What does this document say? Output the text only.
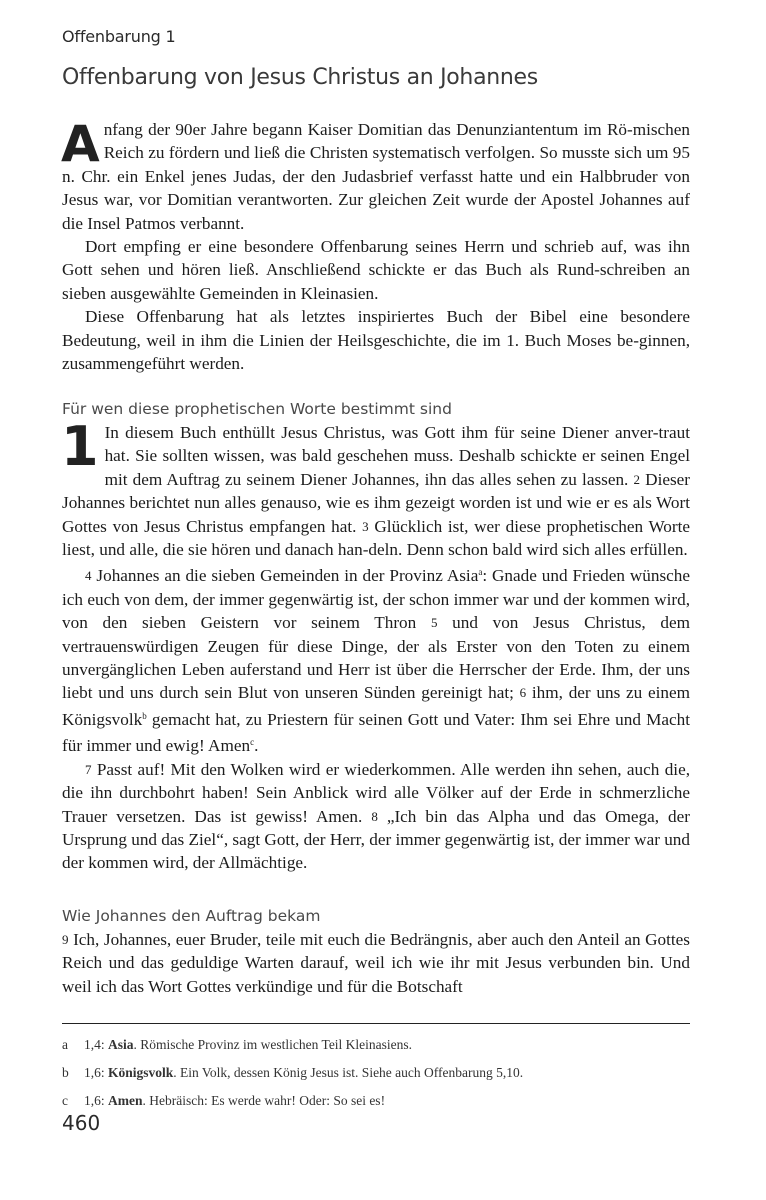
Offenbarung 1
Offenbarung von Jesus Christus an Johannes

Anfang der 90er Jahre begann Kaiser Domitian das Denunziantentum im Rö-mischen Reich zu fördern und ließ die Christen systematisch verfolgen. So musste sich um 95 n. Chr. ein Enkel jenes Judas, der den Judasbrief verfasst hatte und ein Halbbruder von Jesus war, vor Domitian verantworten. Zur gleichen Zeit wurde der Apostel Johannes auf die Insel Patmos verbannt.

Dort empfing er eine besondere Offenbarung seines Herrn und schrieb auf, was ihn Gott sehen und hören ließ. Anschließend schickte er das Buch als Rund-schreiben an sieben ausgewählte Gemeinden in Kleinasien.

Diese Offenbarung hat als letztes inspiriertes Buch der Bibel eine besondere Bedeutung, weil in ihm die Linien der Heilsgeschichte, die im 1. Buch Moses be-ginnen, zusammengeführt werden.

Für wen diese prophetischen Worte bestimmt sind

1 In diesem Buch enthüllt Jesus Christus, was Gott ihm für seine Diener anver-traut hat. Sie sollten wissen, was bald geschehen muss. Deshalb schickte er seinen Engel mit dem Auftrag zu seinem Diener Johannes, ihn das alles sehen zu lassen. 2 Dieser Johannes berichtet nun alles genauso, wie es ihm gezeigt worden ist und wie er es als Wort Gottes von Jesus Christus empfangen hat. 3 Glücklich ist, wer diese prophetischen Worte liest, und alle, die sie hören und danach han-deln. Denn schon bald wird sich alles erfüllen.

4 Johannes an die sieben Gemeinden in der Provinz Asia$^a$: Gnade und Frieden wünsche ich euch von dem, der immer gegenwärtig ist, der schon immer war und der kommen wird, von den sieben Geistern vor seinem Thron 5 und von Jesus Christus, dem vertrauenswürdigen Zeugen für diese Dinge, der als Erster von den Toten zu einem unvergänglichen Leben auferstand und Herr ist über die Herrscher der Erde. Ihm, der uns liebt und uns durch sein Blut von unseren Sünden gereinigt hat; 6 ihm, der uns zu einem Königsvolk$^b$ gemacht hat, zu Priestern für seinen Gott und Vater: Ihm sei Ehre und Macht für immer und ewig! Amen$^c$.

7 Passt auf! Mit den Wolken wird er wiederkommen. Alle werden ihn sehen, auch die, die ihn durchbohrt haben! Sein Anblick wird alle Völker auf der Erde in schmerzliche Trauer versetzen. Das ist gewiss! Amen. 8 „Ich bin das Alpha und das Omega, der Ursprung und das Ziel“, sagt Gott, der Herr, der immer gegenwärtig ist, der immer war und der kommen wird, der Allmächtige.

Wie Johannes den Auftrag bekam

9 Ich, Johannes, euer Bruder, teile mit euch die Bedrängnis, aber auch den Anteil an Gottes Reich und das geduldige Warten darauf, weil ich wie ihr mit Jesus verbunden bin. Und weil ich das Wort Gottes verkündige und für die Botschaft

a 1,4: Asia. Römische Provinz im westlichen Teil Kleinasiens.
b 1,6: Königsvolk. Ein Volk, dessen König Jesus ist. Siehe auch Offenbarung 5,10.
c 1,6: Amen. Hebräisch: Es werde wahr! Oder: So sei es!
460
